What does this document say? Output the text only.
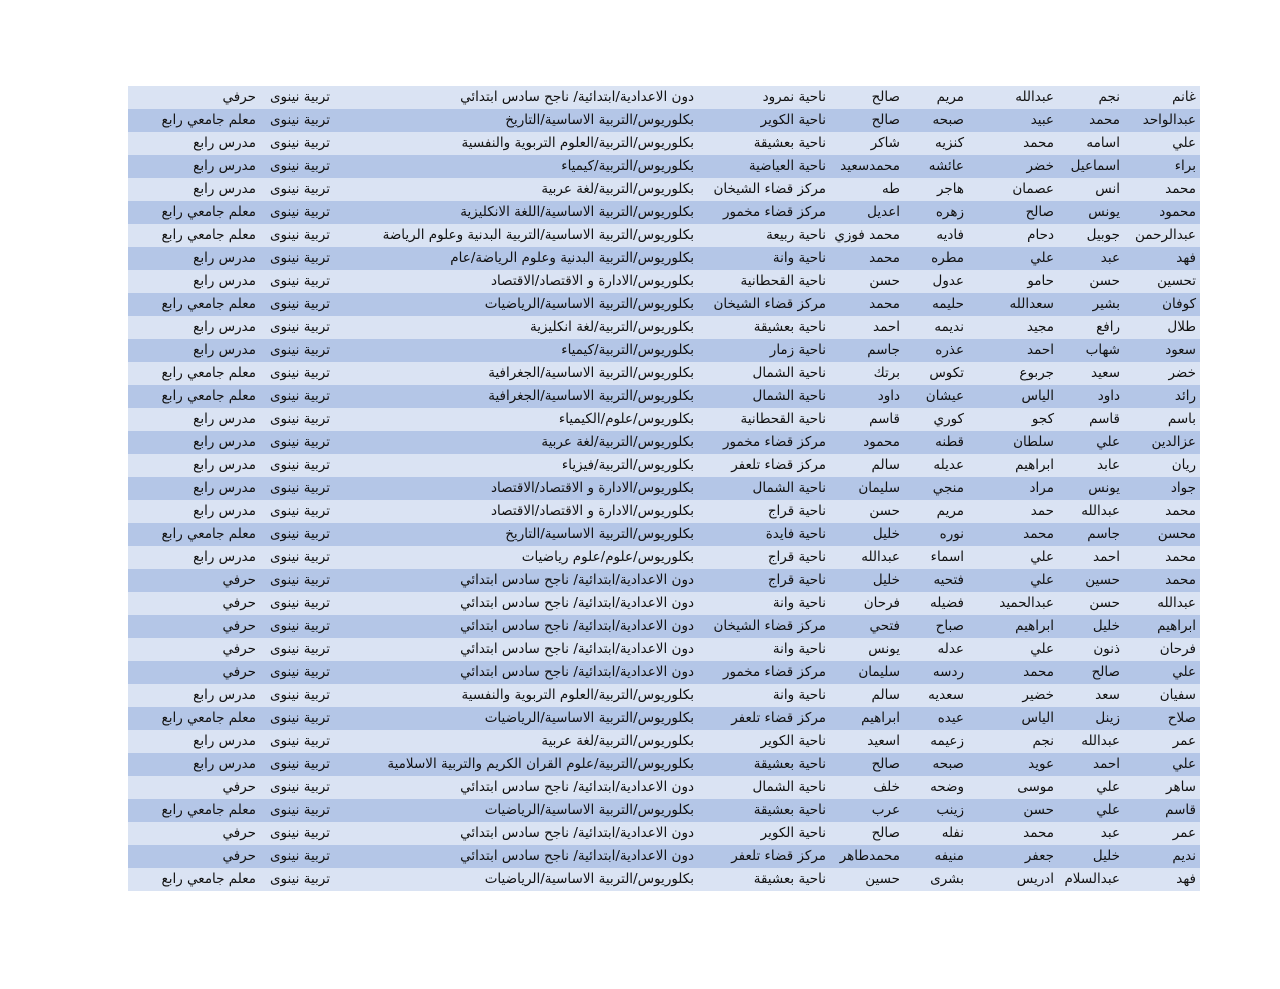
غانم
نجم
عبدالله
مريم
صالح
ناحية نمرود
دون الاعدادية/ابتدائية/ ناجح سادس ابتدائي
تربية نينوى
حرفي
عبدالواحد
محمد
عبيد
صبحه
صالح
ناحية الكوير
بكلوريوس/التربية الاساسية/التاريخ
تربية نينوى
معلم جامعي رابع
علي
اسامه
محمد
كنزيه
شاكر
ناحية بعشيقة
بكلوريوس/التربية/العلوم التربوية والنفسية
تربية نينوى
مدرس رابع
براء
اسماعيل
خضر
عائشه
محمدسعيد
ناحية العياضية
بكلوريوس/التربية/كيمياء
تربية نينوى
مدرس رابع
محمد
انس
عصمان
هاجر
طه
مركز قضاء الشيخان
بكلوريوس/التربية/لغة عربية
تربية نينوى
مدرس رابع
محمود
يونس
صالح
زهره
اعديل
مركز قضاء مخمور
بكلوريوس/التربية الاساسية/اللغة الانكليزية
تربية نينوى
معلم جامعي رابع
عبدالرحمن
جوبيل
دحام
فاديه
محمد فوزي
ناحية ربيعة
بكلوريوس/التربية الاساسية/التربية البدنية وعلوم الرياضة
تربية نينوى
معلم جامعي رابع
فهد
عبد
علي
مطره
محمد
ناحية وانة
بكلوريوس/التربية البدنية وعلوم الرياضة/عام
تربية نينوى
مدرس رابع
تحسين
حسن
حامو
عدول
حسن
ناحية القحطانية
بكلوريوس/الادارة و الاقتصاد/الاقتصاد
تربية نينوى
مدرس رابع
كوفان
بشير
سعدالله
حليمه
محمد
مركز قضاء الشيخان
بكلوريوس/التربية الاساسية/الرياضيات
تربية نينوى
معلم جامعي رابع
طلال
رافع
مجيد
نديمه
احمد
ناحية بعشيقة
بكلوريوس/التربية/لغة انكليزية
تربية نينوى
مدرس رابع
سعود
شهاب
احمد
عذره
جاسم
ناحية زمار
بكلوريوس/التربية/كيمياء
تربية نينوى
مدرس رابع
خضر
سعيد
جربوع
تكوس
برتك
ناحية الشمال
بكلوريوس/التربية الاساسية/الجغرافية
تربية نينوى
معلم جامعي رابع
رائد
داود
الياس
عيشان
داود
ناحية الشمال
بكلوريوس/التربية الاساسية/الجغرافية
تربية نينوى
معلم جامعي رابع
باسم
قاسم
كجو
كوري
قاسم
ناحية القحطانية
بكلوريوس/علوم/الكيمياء
تربية نينوى
مدرس رابع
عزالدين
علي
سلطان
قطنه
محمود
مركز قضاء مخمور
بكلوريوس/التربية/لغة عربية
تربية نينوى
مدرس رابع
ريان
عابد
ابراهيم
عديله
سالم
مركز قضاء تلعفر
بكلوريوس/التربية/فيزياء
تربية نينوى
مدرس رابع
جواد
يونس
مراد
منجي
سليمان
ناحية الشمال
بكلوريوس/الادارة و الاقتصاد/الاقتصاد
تربية نينوى
مدرس رابع
محمد
عبدالله
حمد
مريم
حسن
ناحية قراج
بكلوريوس/الادارة و الاقتصاد/الاقتصاد
تربية نينوى
مدرس رابع
محسن
جاسم
محمد
نوره
خليل
ناحية فايدة
بكلوريوس/التربية الاساسية/التاريخ
تربية نينوى
معلم جامعي رابع
محمد
احمد
علي
اسماء
عبدالله
ناحية قراج
بكلوريوس/علوم/علوم رياضيات
تربية نينوى
مدرس رابع
محمد
حسين
علي
فتحيه
خليل
ناحية قراج
دون الاعدادية/ابتدائية/ ناجح سادس ابتدائي
تربية نينوى
حرفي
عبدالله
حسن
عبدالحميد
فضيله
فرحان
ناحية وانة
دون الاعدادية/ابتدائية/ ناجح سادس ابتدائي
تربية نينوى
حرفي
ابراهيم
خليل
ابراهيم
صباح
فتحي
مركز قضاء الشيخان
دون الاعدادية/ابتدائية/ ناجح سادس ابتدائي
تربية نينوى
حرفي
فرحان
ذنون
علي
عدله
يونس
ناحية وانة
دون الاعدادية/ابتدائية/ ناجح سادس ابتدائي
تربية نينوى
حرفي
علي
صالح
محمد
ردسه
سليمان
مركز قضاء مخمور
دون الاعدادية/ابتدائية/ ناجح سادس ابتدائي
تربية نينوى
حرفي
سفيان
سعد
خضير
سعديه
سالم
ناحية وانة
بكلوريوس/التربية/العلوم التربوية والنفسية
تربية نينوى
مدرس رابع
صلاح
زينل
الياس
عيده
ابراهيم
مركز قضاء تلعفر
بكلوريوس/التربية الاساسية/الرياضيات
تربية نينوى
معلم جامعي رابع
عمر
عبدالله
نجم
زعيمه
اسعيد
ناحية الكوير
بكلوريوس/التربية/لغة عربية
تربية نينوى
مدرس رابع
علي
احمد
عويد
صبحه
صالح
ناحية بعشيقة
بكلوريوس/التربية/علوم القران الكريم والتربية الاسلامية
تربية نينوى
مدرس رابع
ساهر
علي
موسى
وضحه
خلف
ناحية الشمال
دون الاعدادية/ابتدائية/ ناجح سادس ابتدائي
تربية نينوى
حرفي
قاسم
علي
حسن
زينب
عرب
ناحية بعشيقة
بكلوريوس/التربية الاساسية/الرياضيات
تربية نينوى
معلم جامعي رابع
عمر
عبد
محمد
نفله
صالح
ناحية الكوير
دون الاعدادية/ابتدائية/ ناجح سادس ابتدائي
تربية نينوى
حرفي
نديم
خليل
جعفر
منيفه
محمدطاهر
مركز قضاء تلعفر
دون الاعدادية/ابتدائية/ ناجح سادس ابتدائي
تربية نينوى
حرفي
فهد
عبدالسلام
ادريس
بشرى
حسين
ناحية بعشيقة
بكلوريوس/التربية الاساسية/الرياضيات
تربية نينوى
معلم جامعي رابع
